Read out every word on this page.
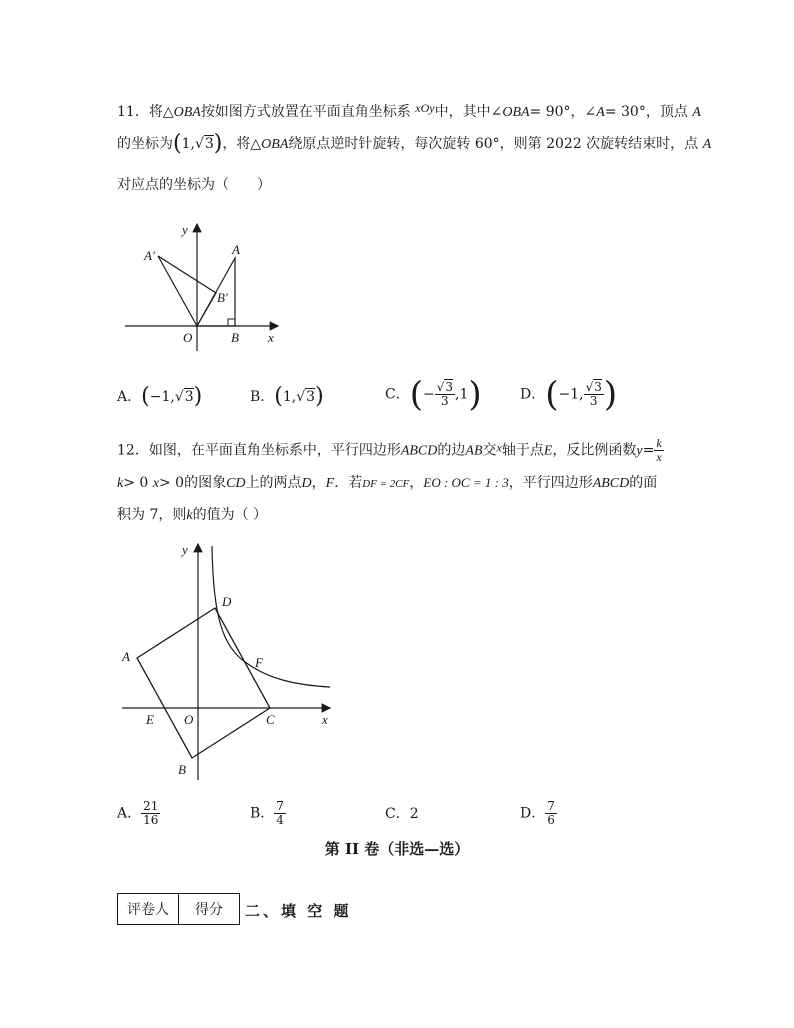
11．将△OBA按如图方式放置在平面直角坐标系 xOy中，其中∠OBA= 90°，∠A= 30°，顶点 A
的坐标为(1,√3)，将△OBA绕原点逆时针旋转，每次旋转 60°，则第 2022 次旋转结束时，点 A
对应点的坐标为（　　）
y
x
O	B
A
A′
B′
A．(−1,√3)	B．(1,√3)	C．(− $\frac{√3}{3} ,1$)	D．(−1, $\frac{√3}{3}$ )
12．如图，在平面直角坐标系中，平行四边形ABCD的边AB交x轴于点E，反比例函数$y= \frac{k}{x}$
k> 0 x> 0的图象CD上的两点D，F．若DF = 2CF，EO : OC = 1 : 3，平行四边形ABCD的面
积为 7，则k的值为（ ）
y
x
A
B
C
D
E O
F
A． $\frac{21}{16}$	B． $\frac{7}{4}$	C．2	D． $\frac{7}{6}$
第 II 卷（非选—选）
评卷人	得分 二、填 空 题
